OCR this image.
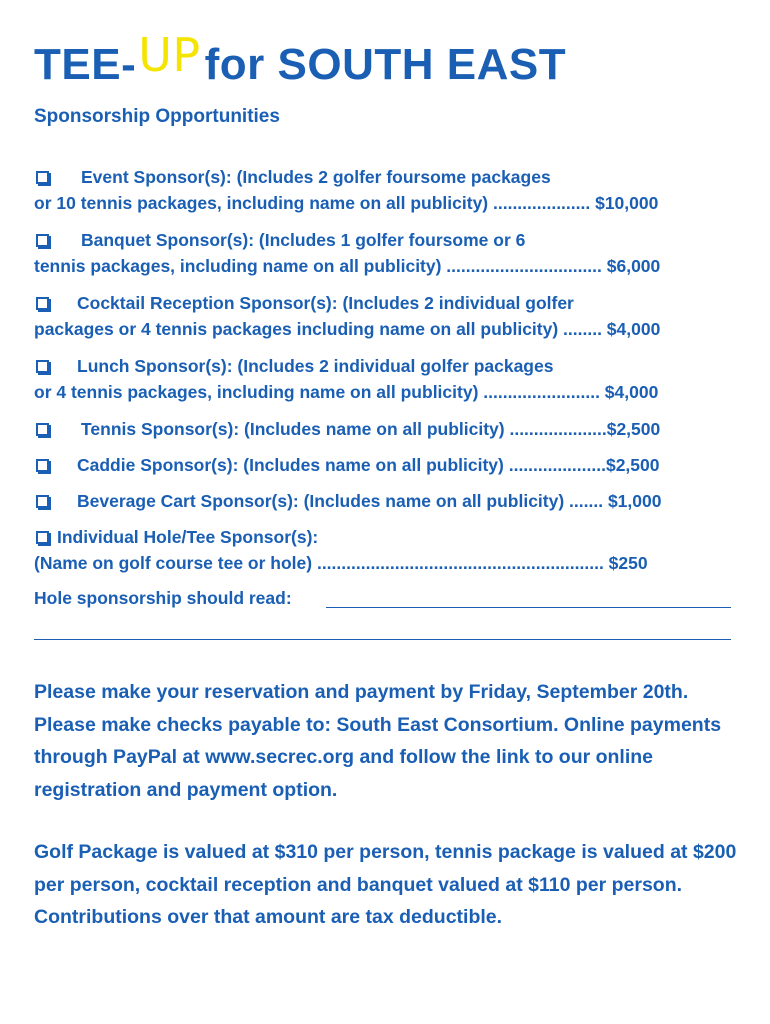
TEE- UP for SOUTH EAST
Sponsorship Opportunities
Event Sponsor(s): (Includes 2 golfer foursome packages
or 10 tennis packages, including name on all publicity) .................... $10,000
Banquet Sponsor(s): (Includes 1 golfer foursome or 6
tennis packages, including name on all publicity) ................................ $6,000
Cocktail Reception Sponsor(s): (Includes 2 individual golfer
packages or 4 tennis packages including name on all publicity) ........ $4,000
Lunch Sponsor(s): (Includes 2 individual golfer packages
or 4 tennis packages, including name on all publicity) ........................ $4,000
Tennis Sponsor(s): (Includes name on all publicity) ....................$2,500
Caddie Sponsor(s): (Includes name on all publicity) ....................$2,500
Beverage Cart Sponsor(s): (Includes name on all publicity) ....... $1,000
Individual Hole/Tee Sponsor(s):
(Name on golf course tee or hole) ........................................................... $250
Hole sponsorship should read:
Please make your reservation and payment by Friday, September 20th. Please make checks payable to: South East Consortium. Online payments through PayPal at www.secrec.org and follow the link to our online registration and payment option.
Golf Package is valued at $310 per person, tennis package is valued at $200 per person, cocktail reception and banquet valued at $110 per person. Contributions over that amount are tax deductible.
